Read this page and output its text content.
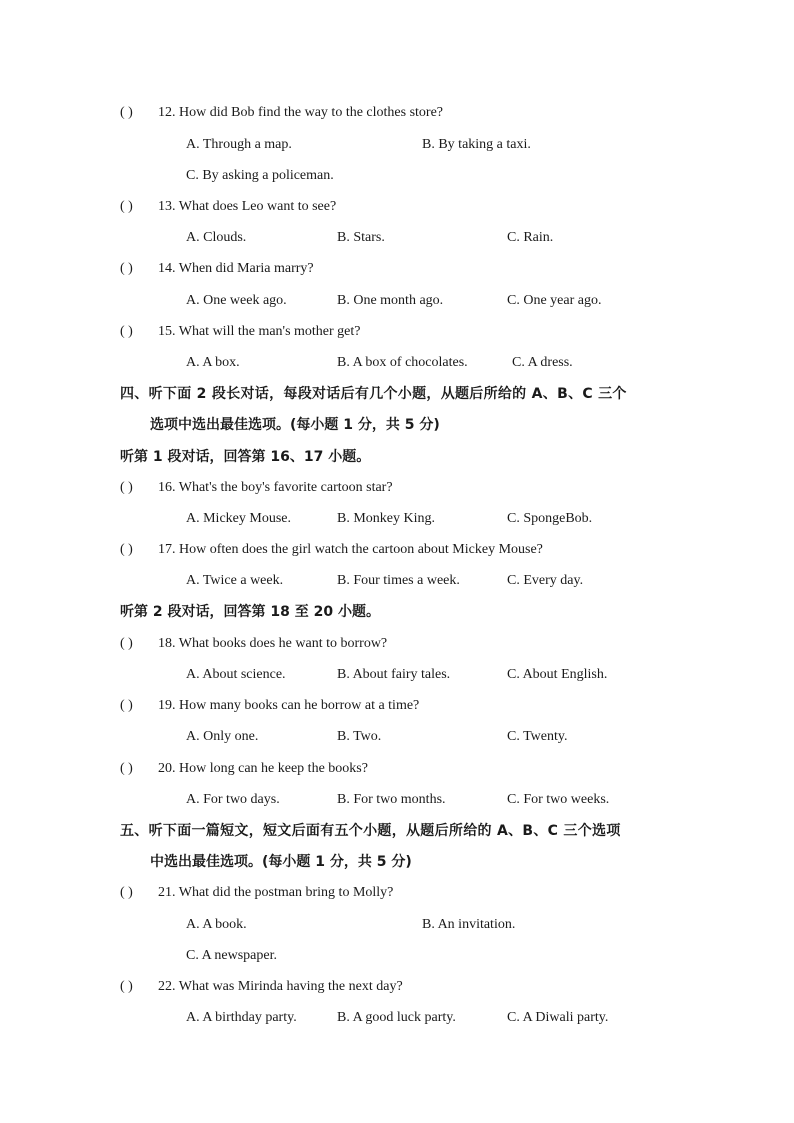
( ) 12. How did Bob find the way to the clothes store?
A. Through a map.	B. By taking a taxi.
C. By asking a policeman.
( ) 13. What does Leo want to see?
A. Clouds.	B. Stars.	C. Rain.
( ) 14. When did Maria marry?
A. One week ago.	B. One month ago.	C. One year ago.
( ) 15. What will the man's mother get?
A. A box.	B. A box of chocolates.	C. A dress.
四、听下面 2 段长对话，每段对话后有几个小题，从题后所给的 A、B、C 三个
选项中选出最佳选项。(每小题 1 分，共 5 分)
听第 1 段对话，回答第 16、17 小题。
( ) 16. What's the boy's favorite cartoon star?
A. Mickey Mouse.	B. Monkey King.	C. SpongeBob.
( ) 17. How often does the girl watch the cartoon about Mickey Mouse?
A. Twice a week.	B. Four times a week.	C. Every day.
听第 2 段对话，回答第 18 至 20 小题。
( ) 18. What books does he want to borrow?
A. About science.	B. About fairy tales.	C. About English.
( ) 19. How many books can he borrow at a time?
A. Only one.	B. Two.	C. Twenty.
( ) 20. How long can he keep the books?
A. For two days.	B. For two months.	C. For two weeks.
五、听下面一篇短文，短文后面有五个小题，从题后所给的 A、B、C 三个选项
中选出最佳选项。(每小题 1 分，共 5 分)
( ) 21. What did the postman bring to Molly?
A. A book.	B. An invitation.
C. A newspaper.
( ) 22. What was Mirinda having the next day?
A. A birthday party.	B. A good luck party.	C. A Diwali party.
